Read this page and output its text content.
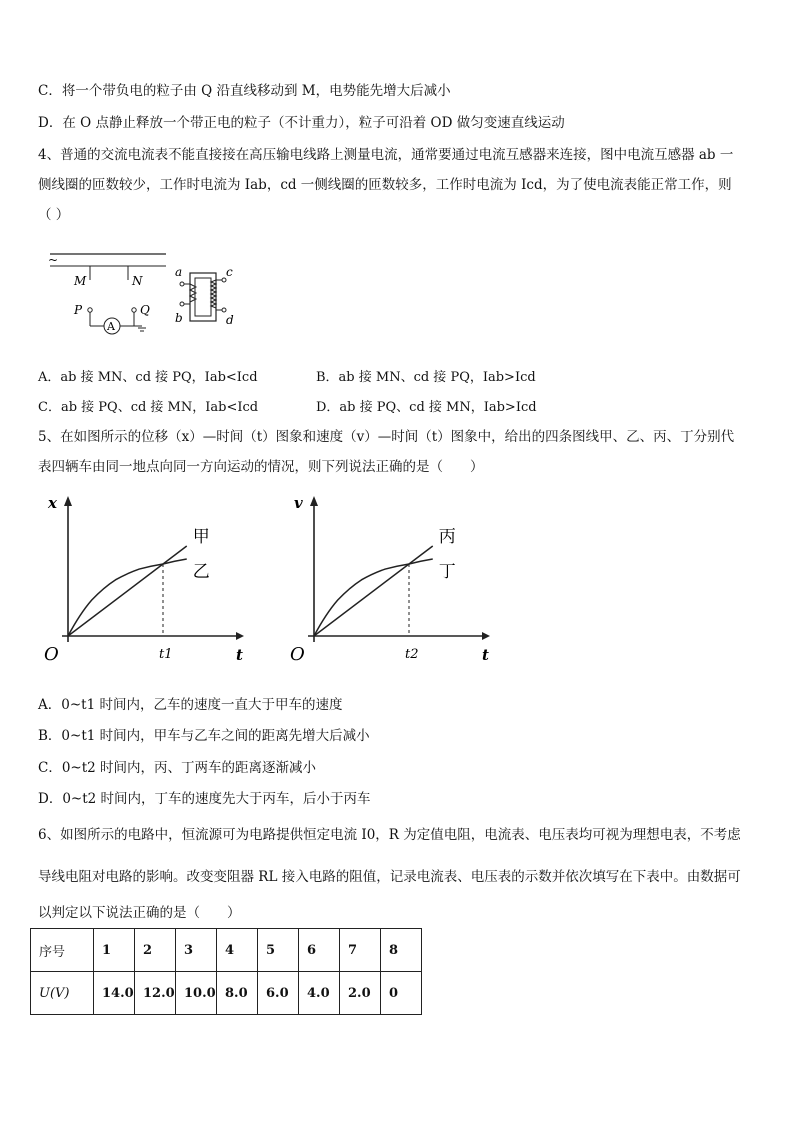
C．将一个带负电的粒子由 Q 沿直线移动到 M，电势能先增大后减小
D．在 O 点静止释放一个带正电的粒子（不计重力），粒子可沿着 OD 做匀变速直线运动
4、普通的交流电流表不能直接接在高压输电线路上测量电流，通常要通过电流互感器来连接，图中电流互感器 ab 一
侧线圈的匝数较少，工作时电流为 Iab，cd 一侧线圈的匝数较多，工作时电流为 Icd，为了使电流表能正常工作，则
（ ）
~
M	N
P
A
Q
a
b
c
d
A．ab 接 MN、cd 接 PQ，Iab<Icd	B．ab 接 MN、cd 接 PQ，Iab>Icd
C．ab 接 PQ、cd 接 MN，Iab<Icd	D．ab 接 PQ、cd 接 MN，Iab>Icd
5、在如图所示的位移（x）—时间（t）图象和速度（v）—时间（t）图象中，给出的四条图线甲、乙、丙、丁分别代
表四辆车由同一地点向同一方向运动的情况，则下列说法正确的是（　　）
x
t
O	t1
甲
乙
v
t
O	t2
丙
丁
A．0~t1 时间内，乙车的速度一直大于甲车的速度
B．0~t1 时间内，甲车与乙车之间的距离先增大后减小
C．0~t2 时间内，丙、丁两车的距离逐渐减小
D．0~t2 时间内，丁车的速度先大于丙车，后小于丙车
6、如图所示的电路中，恒流源可为电路提供恒定电流 I0，R 为定值电阻，电流表、电压表均可视为理想电表，不考虑
导线电阻对电路的影响。改变变阻器 RL 接入电路的阻值，记录电流表、电压表的示数并依次填写在下表中。由数据可
以判定以下说法正确的是（　　）
序号	1	2	3	4	5	6	7	8
U(V)	14.0	12.0	10.0	8.0	6.0	4.0	2.0	0
